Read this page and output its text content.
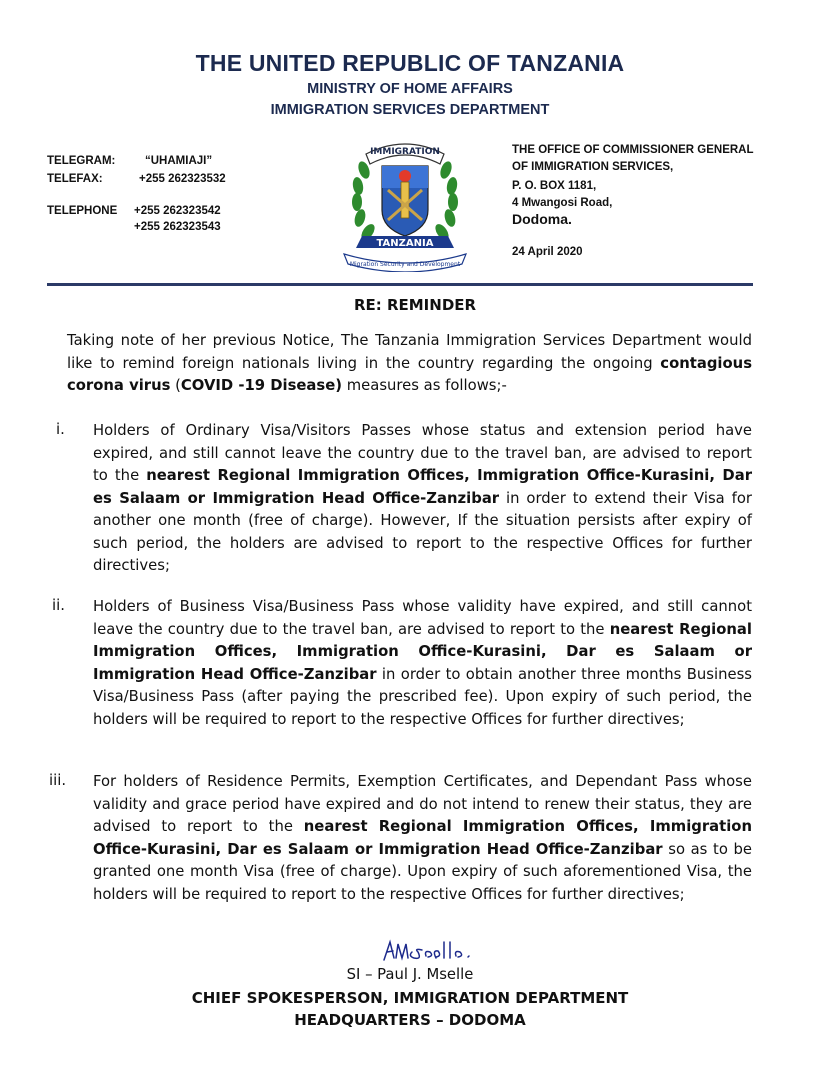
THE UNITED REPUBLIC OF TANZANIA
MINISTRY OF HOME AFFAIRS
IMMIGRATION SERVICES DEPARTMENT
TELEGRAM:	“UHAMIAJI”
TELEFAX:	+255 262323532
TELEPHONE +255 262323542
+255 262323543
IMMIGRATION
TANZANIA
Migration Security and Development
THE OFFICE OF COMMISSIONER GENERAL
OF IMMIGRATION SERVICES,
P. O. BOX 1181,
4 Mwangosi Road,
Dodoma.
24 April 2020
RE: REMINDER
Taking note of her previous Notice, The Tanzania Immigration Services Department would like to remind foreign nationals living in the country regarding the ongoing contagious corona virus (COVID -19 Disease) measures as follows;-
i. Holders of Ordinary Visa/Visitors Passes whose status and extension period have expired, and still cannot leave the country due to the travel ban, are advised to report to the nearest Regional Immigration Offices, Immigration Office-Kurasini, Dar es Salaam or Immigration Head Office-Zanzibar in order to extend their Visa for another one month (free of charge). However, If the situation persists after expiry of such period, the holders are advised to report to the respective Offices for further directives;
ii. Holders of Business Visa/Business Pass whose validity have expired, and still cannot leave the country due to the travel ban, are advised to report to the nearest Regional Immigration Offices, Immigration Office-Kurasini, Dar es Salaam or Immigration Head Office-Zanzibar in order to obtain another three months Business Visa/Business Pass (after paying the prescribed fee). Upon expiry of such period, the holders will be required to report to the respective Offices for further directives;
iii. For holders of Residence Permits, Exemption Certificates, and Dependant Pass whose validity and grace period have expired and do not intend to renew their status, they are advised to report to the nearest Regional Immigration Offices, Immigration Office-Kurasini, Dar es Salaam or Immigration Head Office-Zanzibar so as to be granted one month Visa (free of charge). Upon expiry of such aforementioned Visa, the holders will be required to report to the respective Offices for further directives;
SI – Paul J. Mselle
CHIEF SPOKESPERSON, IMMIGRATION DEPARTMENT
HEADQUARTERS – DODOMA
